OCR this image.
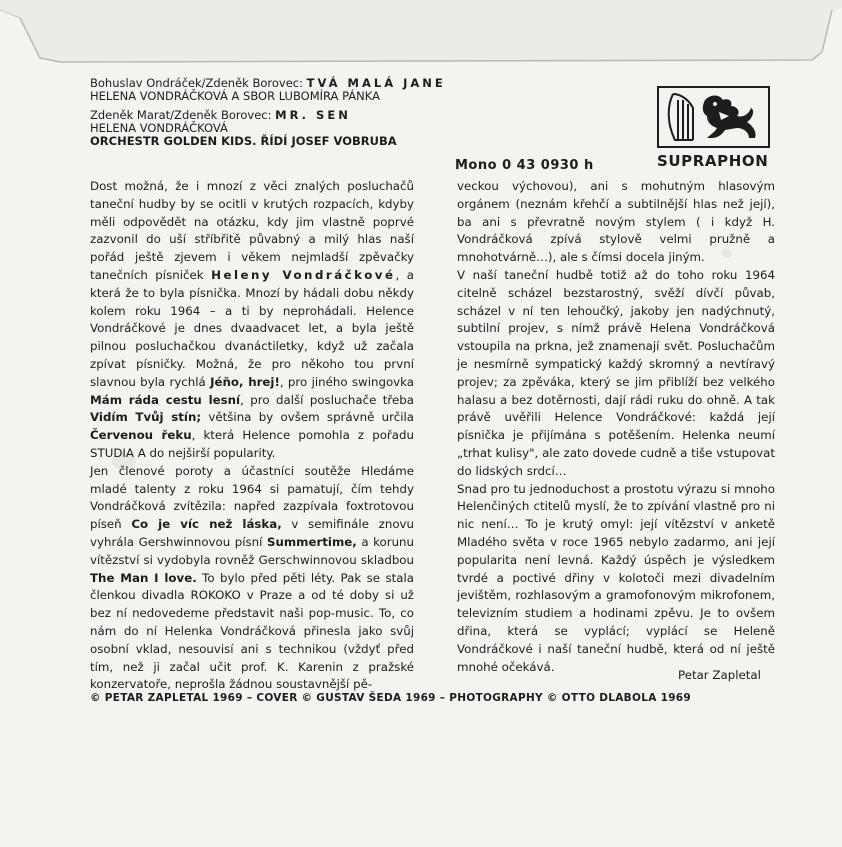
Bohuslav Ondráček/Zdeněk Borovec: TVÁ MALÁ JANE
HELENA VONDRÁČKOVÁ A SBOR LUBOMÍRA PÁNKA
Zdeněk Marat/Zdeněk Borovec: MR. SEN
HELENA VONDRÁČKOVÁ
ORCHESTR GOLDEN KIDS. ŘÍDÍ JOSEF VOBRUBA
SUPRAPHON
Mono 0 43 0930 h

Dost možná, že i mnozí z věci znalých posluchačů taneční hudby by se ocitli v krutých rozpacích, kdyby měli odpovědět na otázku, kdy jim vlastně poprvé zazvonil do uší stříbřitě půvabný a milý hlas naší pořád ještě zjevem i věkem nejmladší zpěvačky tanečních písniček Heleny Vondráčkové, a která že to byla písnička. Mnozí by hádali dobu někdy kolem roku 1964 – a ti by neprohádali. Helence Vondráčkové je dnes dvaadvacet let, a byla ještě pilnou posluchačkou dvanáctiletky, když už začala zpívat písničky. Možná, že pro někoho tou první slavnou byla rychlá Jéňo, hrej!, pro jiného swingovka Mám ráda cestu lesní, pro další posluchače třeba Vidím Tvůj stín; většina by ovšem správně určila Červenou řeku, která Helence pomohla z pořadu STUDIA A do nejširší popularity.

Jen členové poroty a účastníci soutěže Hledáme mladé talenty z roku 1964 si pamatují, čím tehdy Vondráčková zvítězila: napřed zazpívala foxtrotovou píseň Co je víc než láska, v semifinále znovu vyhrála Gershwinnovou písní Summertime, a korunu vítězství si vydobyla rovněž Gerschwinnovou skladbou The Man I love. To bylo před pěti léty. Pak se stala členkou divadla ROKOKO v Praze a od té doby si už bez ní nedovedeme představit naši pop-music. To, co nám do ní Helenka Vondráčková přinesla jako svůj osobní vklad, nesouvisí ani s technikou (vždyť před tím, než ji začal učit prof. K. Karenin z pražské konzervatoře, neprošla žádnou soustavnější pě-

veckou výchovou), ani s mohutným hlasovým orgánem (neznám křehčí a subtilnější hlas než její), ba ani s převratně novým stylem ( i když H. Vondráčková zpívá stylově velmi pružně a mnohotvárně…), ale s čímsi docela jiným.

V naší taneční hudbě totiž až do toho roku 1964 citelně scházel bezstarostný, svěží dívčí půvab, scházel v ní ten lehoučký, jakoby jen nadýchnutý, subtilní projev, s nímž právě Helena Vondráčková vstoupila na prkna, jež znamenají svět. Posluchačům je nesmírně sympatický každý skromný a nevtíravý projev; za zpěváka, který se jim přiblíží bez velkého halasu a bez dotěrnosti, dají rádi ruku do ohně. A tak právě uvěřili Helence Vondráčkové: každá její písnička je přijímána s potěšením. Helenka neumí „trhat kulisy", ale zato dovede cudně a tiše vstupovat do lidských srdcí…

Snad pro tu jednoduchost a prostotu výrazu si mnoho Helenčiných ctitelů myslí, že to zpívání vlastně pro ni nic není… To je krutý omyl: její vítězství v anketě Mladého světa v roce 1965 nebylo zadarmo, ani její popularita není levná. Každý úspěch je výsledkem tvrdé a poctivé dřiny v kolotoči mezi divadelním jevištěm, rozhlasovým a gramofonovým mikrofonem, televizním studiem a hodinami zpěvu. Je to ovšem dřina, která se vyplácí; vyplácí se Heleně Vondráčkové i naší taneční hudbě, která od ní ještě mnohé očekává.

Petar Zapletal
© PETAR ZAPLETAL 1969 – COVER © GUSTAV ŠEDA 1969 – PHOTOGRAPHY © OTTO DLABOLA 1969
